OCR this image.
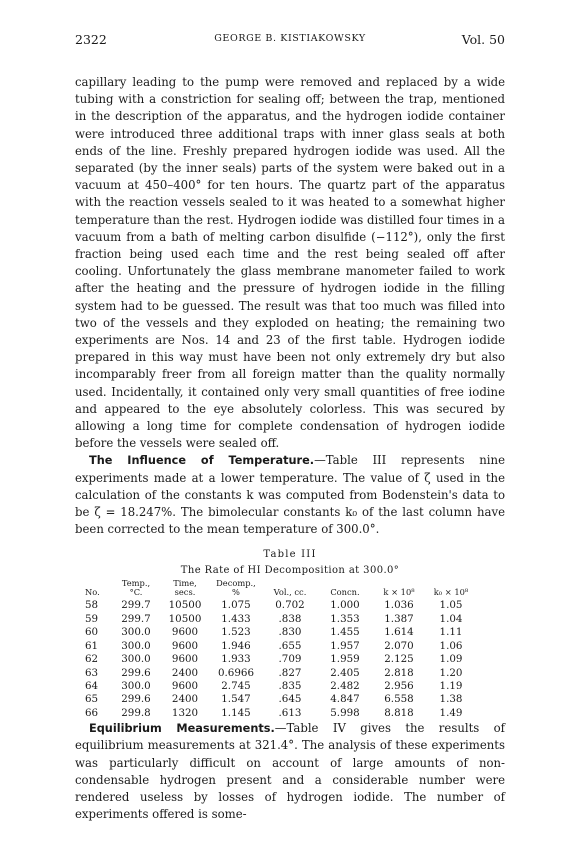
2322	GEORGE B. KISTIAKOWSKY	Vol. 50

capillary leading to the pump were removed and replaced by a wide tubing with a constriction for sealing off; between the trap, mentioned in the description of the apparatus, and the hydrogen iodide container were introduced three additional traps with inner glass seals at both ends of the line. Freshly prepared hydrogen iodide was used. All the separated (by the inner seals) parts of the system were baked out in a vacuum at 450–400° for ten hours. The quartz part of the apparatus with the reaction vessels sealed to it was heated to a somewhat higher temperature than the rest. Hydrogen iodide was distilled four times in a vacuum from a bath of melting carbon disulfide (−112°), only the first fraction being used each time and the rest being sealed off after cooling. Unfortunately the glass membrane manometer failed to work after the heating and the pressure of hydrogen iodide in the filling system had to be guessed. The result was that too much was filled into two of the vessels and they exploded on heating; the remaining two experiments are Nos. 14 and 23 of the first table. Hydrogen iodide prepared in this way must have been not only extremely dry but also incomparably freer from all foreign matter than the quality normally used. Incidentally, it contained only very small quantities of free iodine and appeared to the eye absolutely colorless. This was secured by allowing a long time for complete condensation of hydrogen iodide before the vessels were sealed off.

The Influence of Temperature.—Table III represents nine experiments made at a lower temperature. The value of ζ used in the calculation of the constants k was computed from Bodenstein's data to be ζ = 18.247%. The bimolecular constants k₀ of the last column have been corrected to the mean temperature of 300.0°.

Table III
The Rate of HI Decomposition at 300.0°
No.	Temp., °C.	Time, secs.	Decomp., %	Vol., cc.	Concn.	k × 10⁸	k₀ × 10⁸
58	299.7	10500	1.075	0.702	1.000	1.036	1.05
59	299.7	10500	1.433	.838	1.353	1.387	1.04
60	300.0	9600	1.523	.830	1.455	1.614	1.11
61	300.0	9600	1.946	.655	1.957	2.070	1.06
62	300.0	9600	1.933	.709	1.959	2.125	1.09
63	299.6	2400	0.6966	.827	2.405	2.818	1.20
64	300.0	9600	2.745	.835	2.482	2.956	1.19
65	299.6	2400	1.547	.645	4.847	6.558	1.38
66	299.8	1320	1.145	.613	5.998	8.818	1.49

Equilibrium Measurements.—Table IV gives the results of equilibrium measurements at 321.4°. The analysis of these experiments was particularly difficult on account of large amounts of non-condensable hydrogen present and a considerable number were rendered useless by losses of hydrogen iodide. The number of experiments offered is some-
